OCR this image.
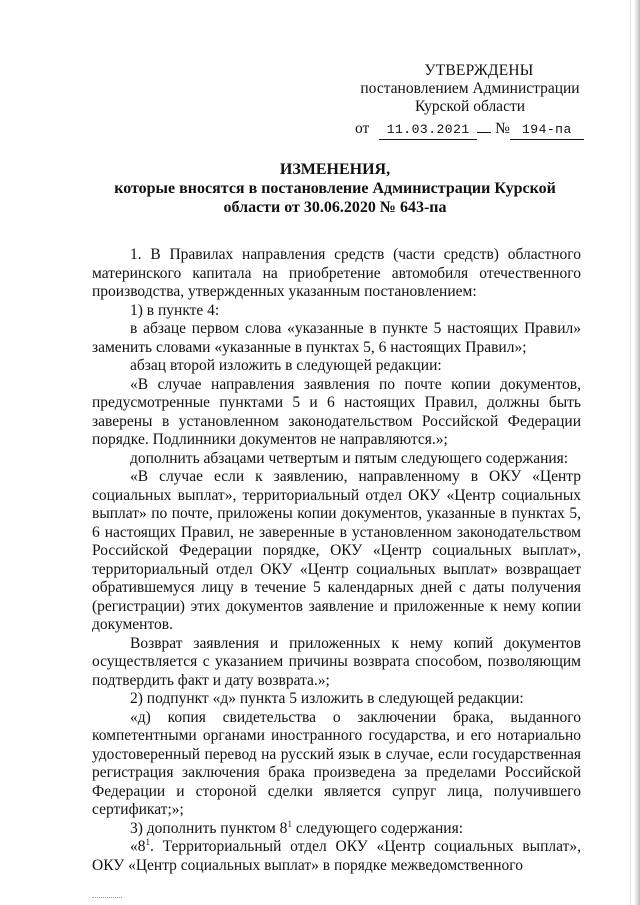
УТВЕРЖДЕНЫ
постановлением Администрации
Курской области
от 11.03.2021 № 194-па
ИЗМЕНЕНИЯ,
которые вносятся в постановление Администрации Курской области от 30.06.2020 № 643-па

1. В Правилах направления средств (части средств) областного материнского капитала на приобретение автомобиля отечественного производства, утвержденных указанным постановлением:

1) в пункте 4:

в абзаце первом слова «указанные в пункте 5 настоящих Правил» заменить словами «указанные в пунктах 5, 6 настоящих Правил»;

абзац второй изложить в следующей редакции:

«В случае направления заявления по почте копии документов, предусмотренные пунктами 5 и 6 настоящих Правил, должны быть заверены в установленном законодательством Российской Федерации порядке. Подлинники документов не направляются.»;

дополнить абзацами четвертым и пятым следующего содержания:

«В случае если к заявлению, направленному в ОКУ «Центр социальных выплат», территориальный отдел ОКУ «Центр социальных выплат» по почте, приложены копии документов, указанные в пунктах 5, 6 настоящих Правил, не заверенные в установленном законодательством Российской Федерации порядке, ОКУ «Центр социальных выплат», территориальный отдел ОКУ «Центр социальных выплат» возвращает обратившемуся лицу в течение 5 календарных дней с даты получения (регистрации) этих документов заявление и приложенные к нему копии документов.

Возврат заявления и приложенных к нему копий документов осуществляется с указанием причины возврата способом, позволяющим подтвердить факт и дату возврата.»;

2) подпункт «д» пункта 5 изложить в следующей редакции:

«д) копия свидетельства о заключении брака, выданного компетентными органами иностранного государства, и его нотариально удостоверенный перевод на русский язык в случае, если государственная регистрация заключения брака произведена за пределами Российской Федерации и стороной сделки является супруг лица, получившего сертификат;»;

3) дополнить пунктом $8^1$ следующего содержания:

«$8^1$. Территориальный отдел ОКУ «Центр социальных выплат», ОКУ «Центр социальных выплат» в порядке межведомственного
